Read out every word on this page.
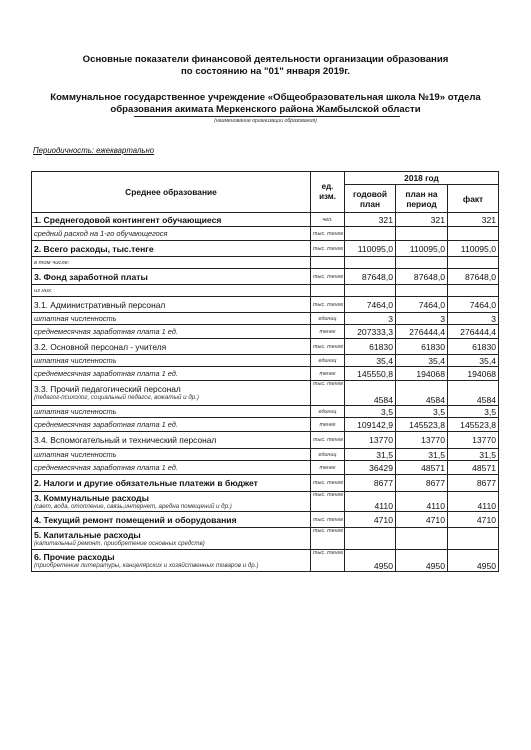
Основные показатели финансовой деятельности организации образования
по состоянию на "01" января 2019г.
Коммунальное государственное учреждение «Общеобразовательная школа №19» отдела
образования акимата Меркенского района Жамбылской области
(наименование организации образования)
Периодичность: ежеквартально
Среднее образование	ед. изм.	2018 год		
		годовой план	план на период	факт
1. Среднегодовой контингент обучающиеся	чел.	321	321	321
средний расход на 1-го обучающегося	тыс. тенге			
2. Всего расходы, тыс.тенге	тыс. тенге	110095,0	110095,0	110095,0
в том числе:				
3. Фонд заработной платы	тыс. тенге	87648,0	87648,0	87648,0
из них:				
3.1. Административный персонал	тыс. тенге	7464,0	7464,0	7464,0
штатная численность	единиц	3	3	3
среднемесячная заработная плата 1 ед.	тенге	207333,3	276444,4	276444,4
3.2. Основной персонал - учителя	тыс. тенге	61830	61830	61830
штатная численность	единиц	35,4	35,4	35,4
среднемесячная заработная плата 1 ед.	тенге	145550,8	194068	194068
3.3. Прочий педагогический персонал
(педагог-психолог, социальный педагог, вожатый и др.)	тыс. тенге	4584	4584	4584
штатная численность	единиц	3,5	3,5	3,5
среднемесячная заработная плата 1 ед.	тенге	109142,9	145523,8	145523,8
3.4. Вспомогательный и технический персонал	тыс. тенге	13770	13770	13770
штатная численность	единиц	31,5	31,5	31,5
среднемесячная заработная плата 1 ед.	тенге	36429	48571	48571
2. Налоги и другие обязательные платежи в бюджет	тыс. тенге	8677	8677	8677
3. Коммунальные расходы
(свет, вода, отопление, связь,интернет, аредна помещений и др.)	тыс. тенге	4110	4110	4110
4. Текущий ремонт помещений и оборудования	тыс. тенге	4710	4710	4710
5. Капитальные расходы
(капитальный ремонт, приобретение основных средств)	тыс. тенге			
6. Прочие расходы
(приобретение литературы, канцелярских и хозяйственных товаров и др.)	тыс. тенге	4950	4950	4950
